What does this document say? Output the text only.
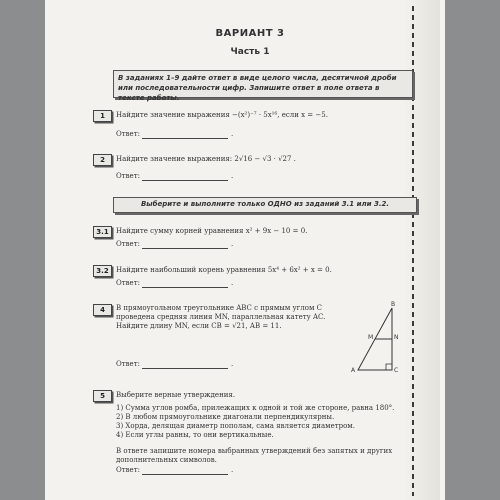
ВАРИАНТ 3
Часть 1
В заданиях 1–9 дайте ответ в виде целого числа, десятичной дроби или последовательности цифр. Запишите ответ в поле ответа в тексте работы.
1	Найдите значение выражения −(x²)⁻⁷ · 5x¹⁶, если x = −5.
Ответ:	.
2	Найдите значение выражения: 2√16 − √3 · √27 .
Ответ:	.
Выберите и выполните только ОДНО из заданий 3.1 или 3.2.
3.1	Найдите сумму корней уравнения x² + 9x − 10 = 0.
Ответ:	.
3.2	Найдите наибольший корень уравнения 5x⁴ + 6x² + x = 0.
Ответ:	.
4	В прямоугольном треугольнике ABC с прямым углом C проведена средняя линия MN, параллельная катету AC. Найдите длину MN, если CB = √21, AB = 11.
Ответ:	.
B
M	N
A	C
5	Выберите верные утверждения.
1) Сумма углов ромба, прилежащих к одной и той же стороне, равна 180°.
2) В любом прямоугольнике диагонали перпендикулярны.
3) Хорда, делящая диаметр пополам, сама является диаметром.
4) Если углы равны, то они вертикальные.
В ответе запишите номера выбранных утверждений без запятых и других дополнительных символов.
Ответ:	.
